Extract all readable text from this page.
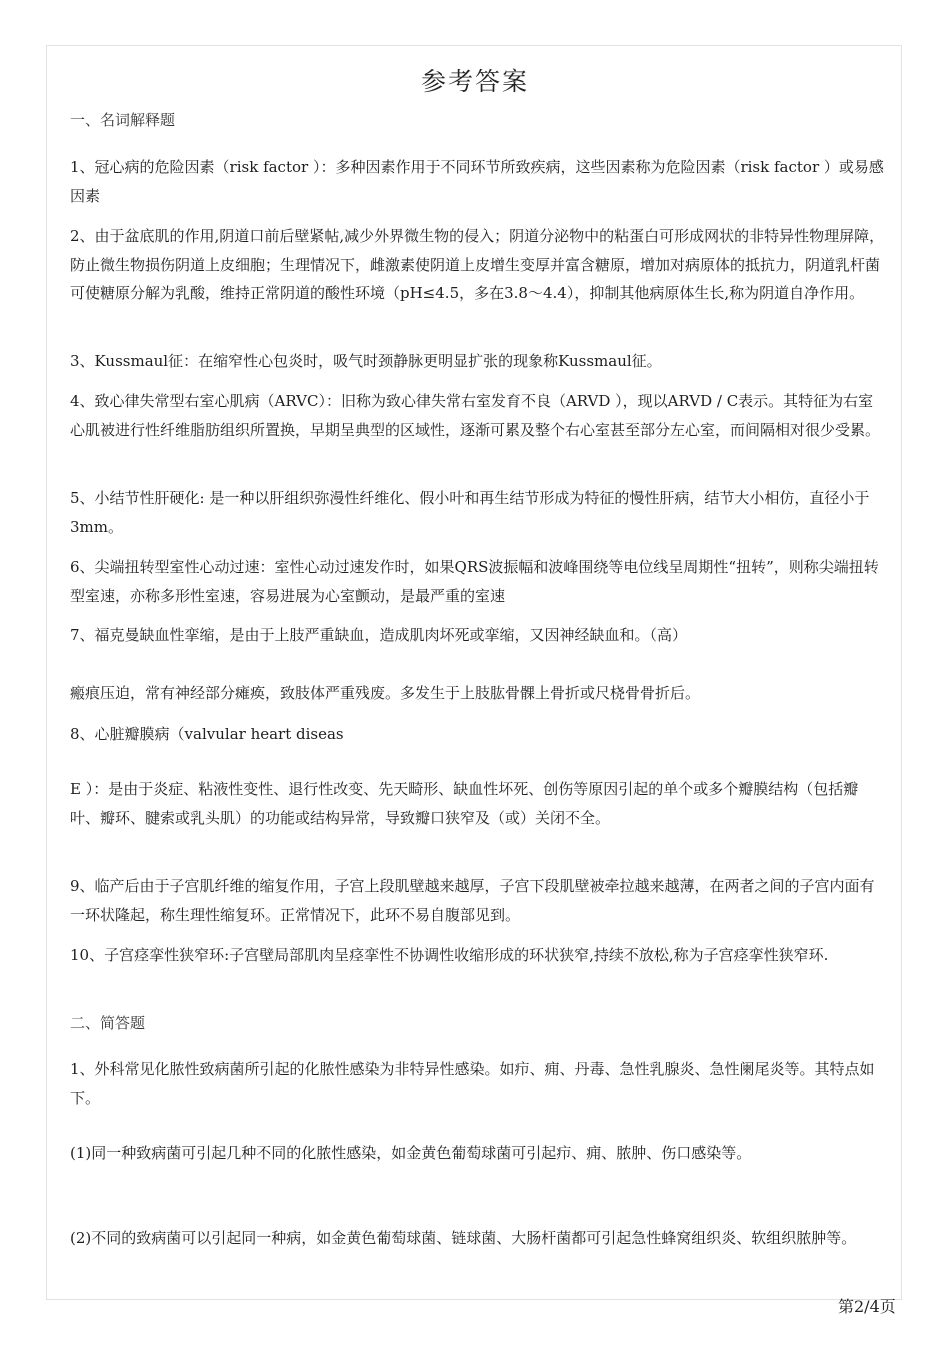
参考答案

一、名词解释题

1、冠心病的危险因素（risk factor ）：多种因素作用于不同环节所致疾病，这些因素称为危险因素（risk factor ）或易感因素

2、由于盆底肌的作用,阴道口前后壁紧帖,减少外界微生物的侵入；阴道分泌物中的粘蛋白可形成网状的非特异性物理屏障，防止微生物损伤阴道上皮细胞；生理情况下，雌激素使阴道上皮增生变厚并富含糖原，增加对病原体的抵抗力，阴道乳杆菌可使糖原分解为乳酸，维持正常阴道的酸性环境（pH≤4.5，多在3.8～4.4），抑制其他病原体生长,称为阴道自净作用。

3、Kussmaul征：在缩窄性心包炎时，吸气时颈静脉更明显扩张的现象称Kussmaul征。

4、致心律失常型右室心肌病（ARVC）：旧称为致心律失常右室发育不良（ARVD ），现以ARVD / C表示。其特征为右室心肌被进行性纤维脂肪组织所置换，早期呈典型的区域性，逐渐可累及整个右心室甚至部分左心室，而间隔相对很少受累。

5、小结节性肝硬化: 是一种以肝组织弥漫性纤维化、假小叶和再生结节形成为特征的慢性肝病，结节大小相仿，直径小于3mm。

6、尖端扭转型室性心动过速：室性心动过速发作时，如果QRS波振幅和波峰围绕等电位线呈周期性“扭转”，则称尖端扭转型室速，亦称多形性室速，容易进展为心室颤动，是最严重的室速

7、福克曼缺血性挛缩，是由于上肢严重缺血，造成肌肉坏死或挛缩，又因神经缺血和。（高）

瘢痕压迫，常有神经部分瘫痪，致肢体严重残废。多发生于上肢肱骨髁上骨折或尺桡骨骨折后。

8、心脏瓣膜病（valvular heart diseas

E ）：是由于炎症、粘液性变性、退行性改变、先天畸形、缺血性坏死、创伤等原因引起的单个或多个瓣膜结构（包括瓣叶、瓣环、腱索或乳头肌）的功能或结构异常，导致瓣口狭窄及（或）关闭不全。

9、临产后由于子宫肌纤维的缩复作用，子宫上段肌壁越来越厚，子宫下段肌壁被牵拉越来越薄，在两者之间的子宫内面有一环状隆起，称生理性缩复环。正常情况下，此环不易自腹部见到。

10、子宫痉挛性狭窄环:子宫壁局部肌肉呈痉挛性不协调性收缩形成的环状狭窄,持续不放松,称为子宫痉挛性狭窄环.

二、简答题

1、外科常见化脓性致病菌所引起的化脓性感染为非特异性感染。如疖、痈、丹毒、急性乳腺炎、急性阑尾炎等。其特点如下。

(1)同一种致病菌可引起几种不同的化脓性感染，如金黄色葡萄球菌可引起疖、痈、脓肿、伤口感染等。

(2)不同的致病菌可以引起同一种病，如金黄色葡萄球菌、链球菌、大肠杆菌都可引起急性蜂窝组织炎、软组织脓肿等。

第2/4页
